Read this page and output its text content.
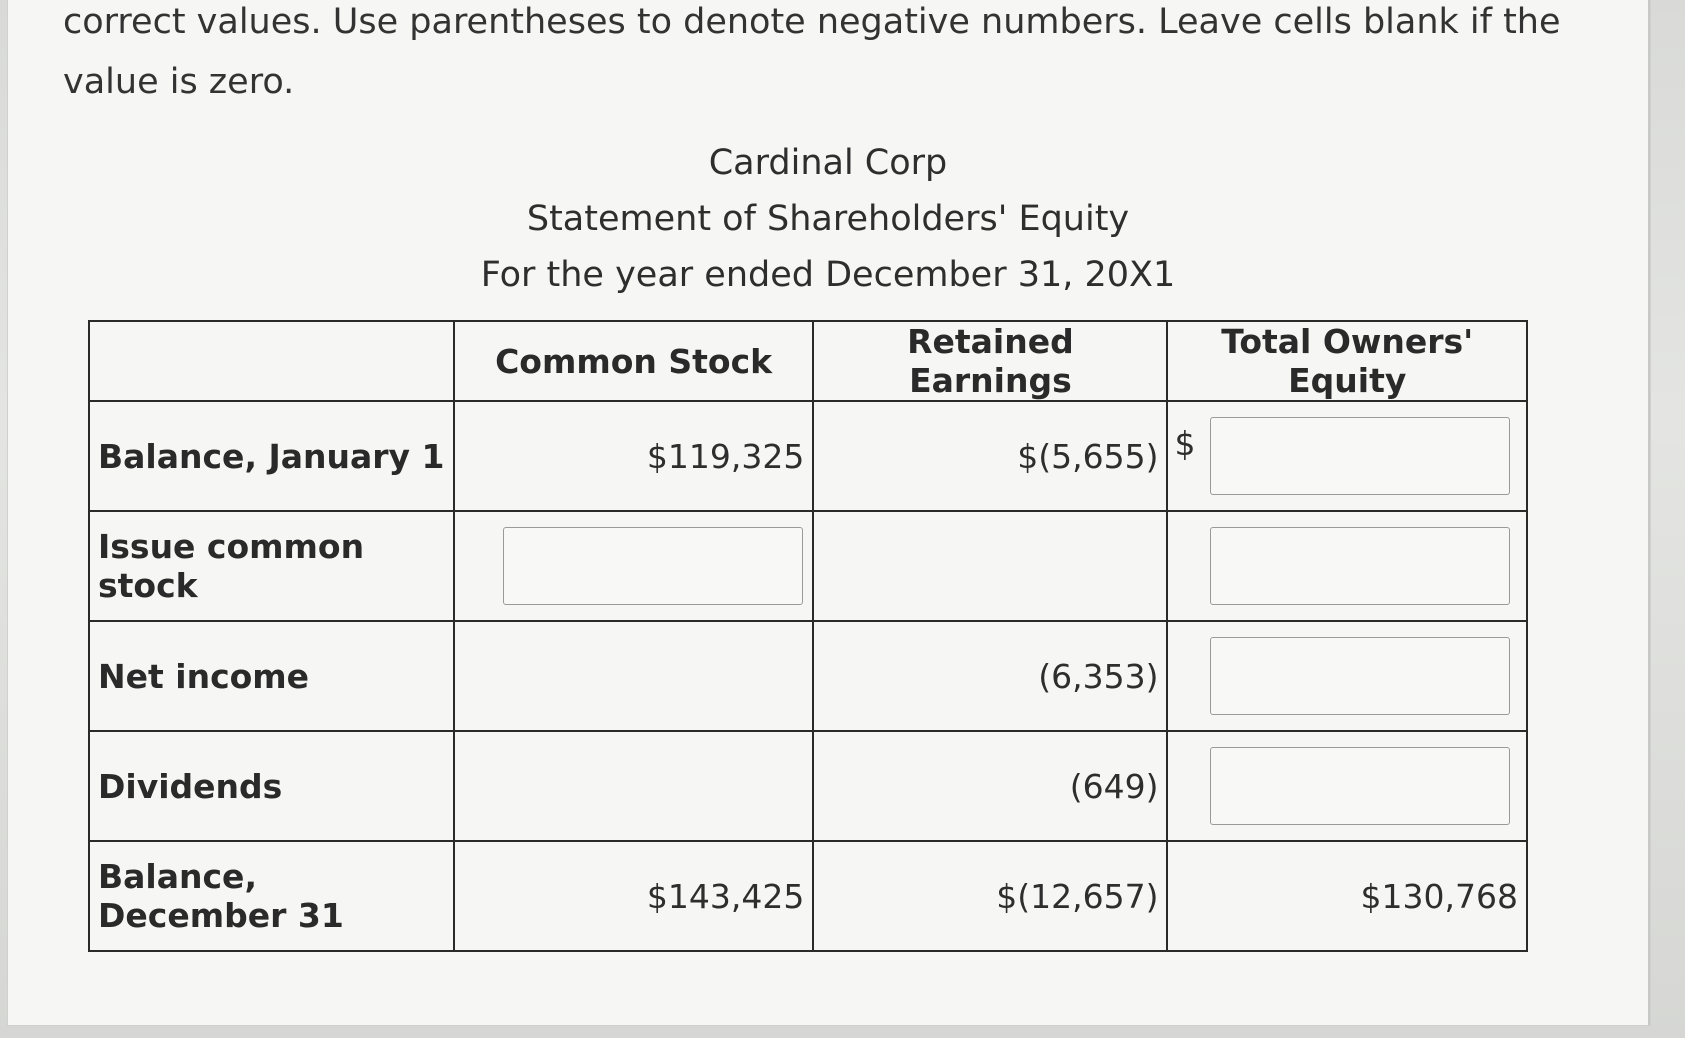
correct values. Use parentheses to denote negative numbers. Leave cells blank if the value is zero.

Cardinal Corp
Statement of Shareholders' Equity
For the year ended December 31, 20X1
	Common Stock	Retained Earnings	Total Owners' Equity
Balance, January 1	$119,325	$(5,655)	$

Issue common stock	

Net income		(6,353)	

Dividends		(649)	

Balance, December 31	$143,425	$(12,657)	$130,768
